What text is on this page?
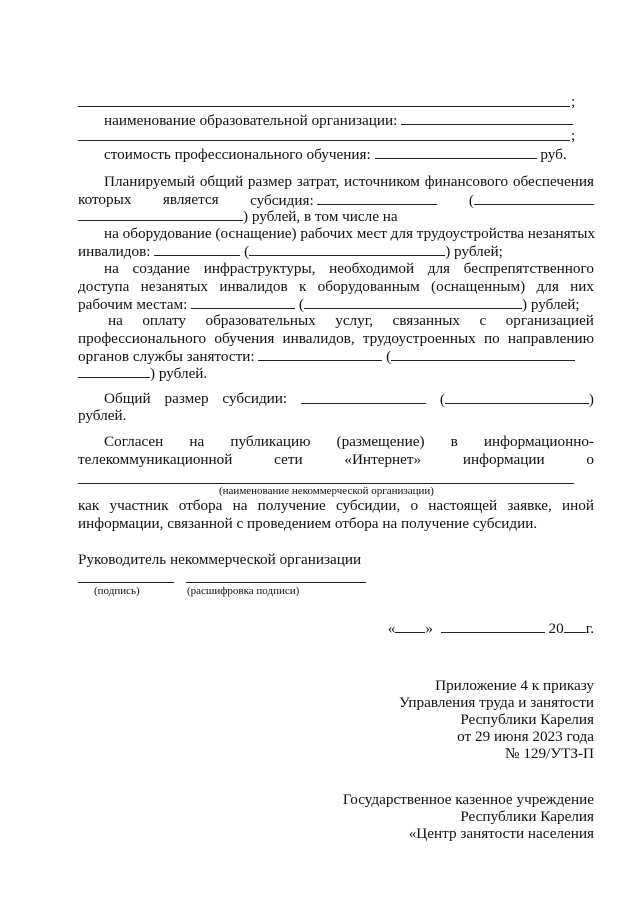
;
наименование образовательной организации:
;
стоимость профессионального обучения:	руб.
Планируемый общий размер затрат, источником финансового обеспечения
которых является субсидия:	(
) рублей, в том числе на
на оборудование (оснащение) рабочих мест для трудоустройства незанятых
инвалидов:	(	) рублей;
на создание инфраструктуры, необходимой для беспрепятственного
доступа незанятых инвалидов к оборудованным (оснащенным) для них
рабочим местам:	(	) рублей;
на оплату образовательных услуг, связанных с организацией
профессионального обучения инвалидов, трудоустроенных по направлению
органов службы занятости:	(
) рублей.
Общий размер субсидии:	(	)
рублей.
Согласен на публикацию (размещение) в информационно-
телекоммуникационной	сети	«Интернет»	информации	о
(наименование некоммерческой организации)
как участник отбора на получение субсидии, о настоящей заявке, иной
информации, связанной с проведением отбора на получение субсидии.
Руководитель некоммерческой организации
(подпись)	(расшифровка подписи)
« »	20 г.
Приложение 4 к приказу
Управления труда и занятости
Республики Карелия
от 29 июня 2023 года
№ 129/УТЗ-П
Государственное казенное учреждение
Республики Карелия
«Центр занятости населения
